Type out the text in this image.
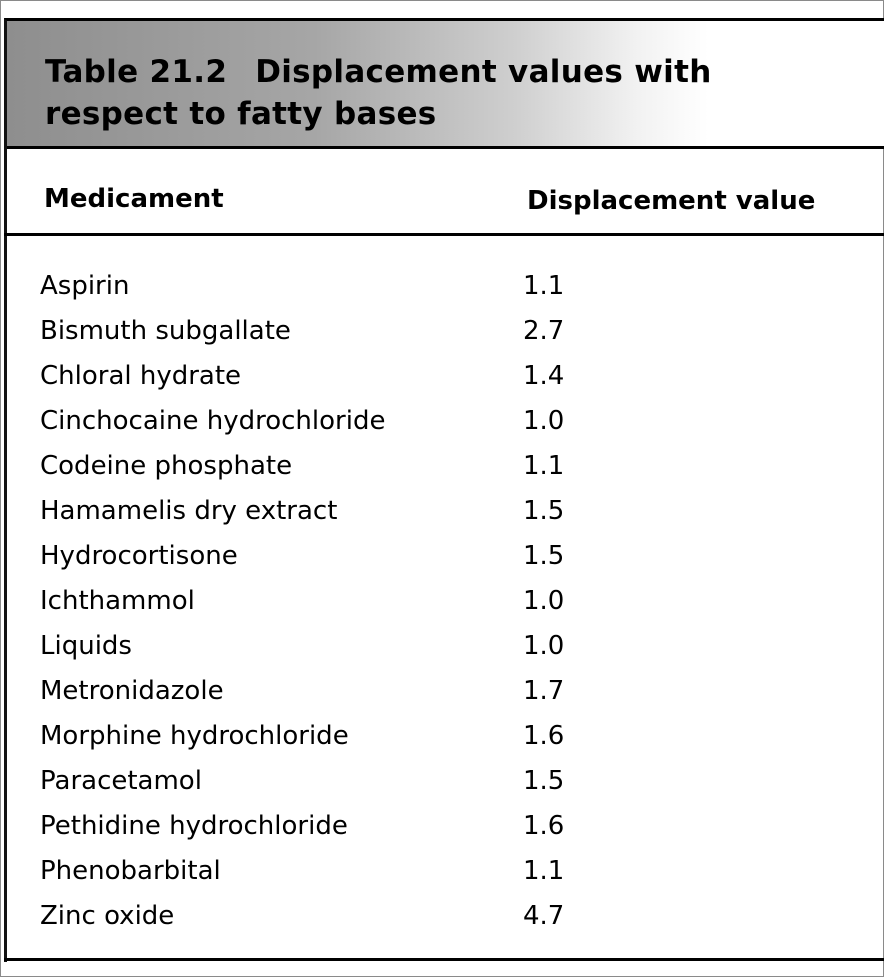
Table 21.2 Displacement values with respect to fatty bases
Medicament	Displacement value
Aspirin	1.1
Bismuth subgallate	2.7
Chloral hydrate	1.4
Cinchocaine hydrochloride	1.0
Codeine phosphate	1.1
Hamamelis dry extract	1.5
Hydrocortisone	1.5
Ichthammol	1.0
Liquids	1.0
Metronidazole	1.7
Morphine hydrochloride	1.6
Paracetamol	1.5
Pethidine hydrochloride	1.6
Phenobarbital	1.1
Zinc oxide	4.7
